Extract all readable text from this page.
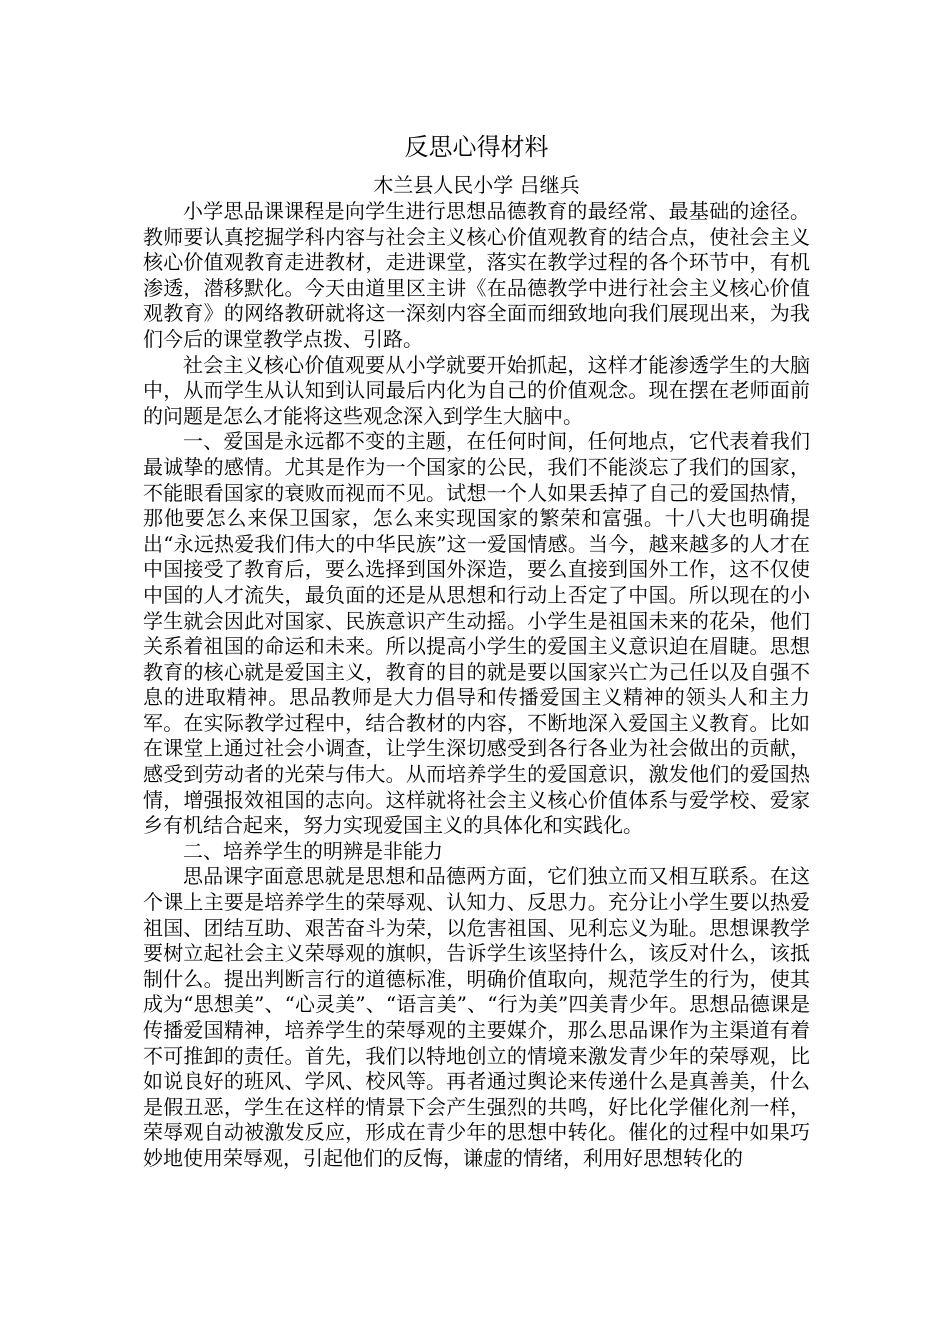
反思心得材料

木兰县人民小学 吕继兵

小学思品课课程是向学生进行思想品德教育的最经常、最基础的途径。教师要认真挖掘学科内容与社会主义核心价值观教育的结合点，使社会主义核心价值观教育走进教材，走进课堂，落实在教学过程的各个环节中，有机渗透，潜移默化。今天由道里区主讲《在品德教学中进行社会主义核心价值观教育》的网络教研就将这一深刻内容全面而细致地向我们展现出来，为我们今后的课堂教学点拨、引路。

社会主义核心价值观要从小学就要开始抓起，这样才能渗透学生的大脑中，从而学生从认知到认同最后内化为自己的价值观念。现在摆在老师面前的问题是怎么才能将这些观念深入到学生大脑中。

一、爱国是永远都不变的主题，在任何时间，任何地点，它代表着我们最诚挚的感情。尤其是作为一个国家的公民，我们不能淡忘了我们的国家，不能眼看国家的衰败而视而不见。试想一个人如果丢掉了自己的爱国热情，那他要怎么来保卫国家，怎么来实现国家的繁荣和富强。十八大也明确提出“永远热爱我们伟大的中华民族”这一爱国情感。当今，越来越多的人才在中国接受了教育后，要么选择到国外深造，要么直接到国外工作，这不仅使中国的人才流失，最负面的还是从思想和行动上否定了中国。所以现在的小学生就会因此对国家、民族意识产生动摇。小学生是祖国未来的花朵，他们关系着祖国的命运和未来。所以提高小学生的爱国主义意识迫在眉睫。思想教育的核心就是爱国主义，教育的目的就是要以国家兴亡为己任以及自强不息的进取精神。思品教师是大力倡导和传播爱国主义精神的领头人和主力军。在实际教学过程中，结合教材的内容，不断地深入爱国主义教育。比如在课堂上通过社会小调查，让学生深切感受到各行各业为社会做出的贡献，感受到劳动者的光荣与伟大。从而培养学生的爱国意识，激发他们的爱国热情，增强报效祖国的志向。这样就将社会主义核心价值体系与爱学校、爱家乡有机结合起来，努力实现爱国主义的具体化和实践化。

二、培养学生的明辨是非能力

思品课字面意思就是思想和品德两方面，它们独立而又相互联系。在这个课上主要是培养学生的荣辱观、认知力、反思力。充分让小学生要以热爱祖国、团结互助、艰苦奋斗为荣，以危害祖国、见利忘义为耻。思想课教学要树立起社会主义荣辱观的旗帜，告诉学生该坚持什么，该反对什么，该抵制什么。提出判断言行的道德标准，明确价值取向，规范学生的行为，使其成为“思想美”、“心灵美”、“语言美”、“行为美”四美青少年。思想品德课是传播爱国精神，培养学生的荣辱观的主要媒介，那么思品课作为主渠道有着不可推卸的责任。首先，我们以特地创立的情境来激发青少年的荣辱观，比如说良好的班风、学风、校风等。再者通过舆论来传递什么是真善美，什么是假丑恶，学生在这样的情景下会产生强烈的共鸣，好比化学催化剂一样，荣辱观自动被激发反应，形成在青少年的思想中转化。催化的过程中如果巧妙地使用荣辱观，引起他们的反悔，谦虚的情绪，利用好思想转化的
